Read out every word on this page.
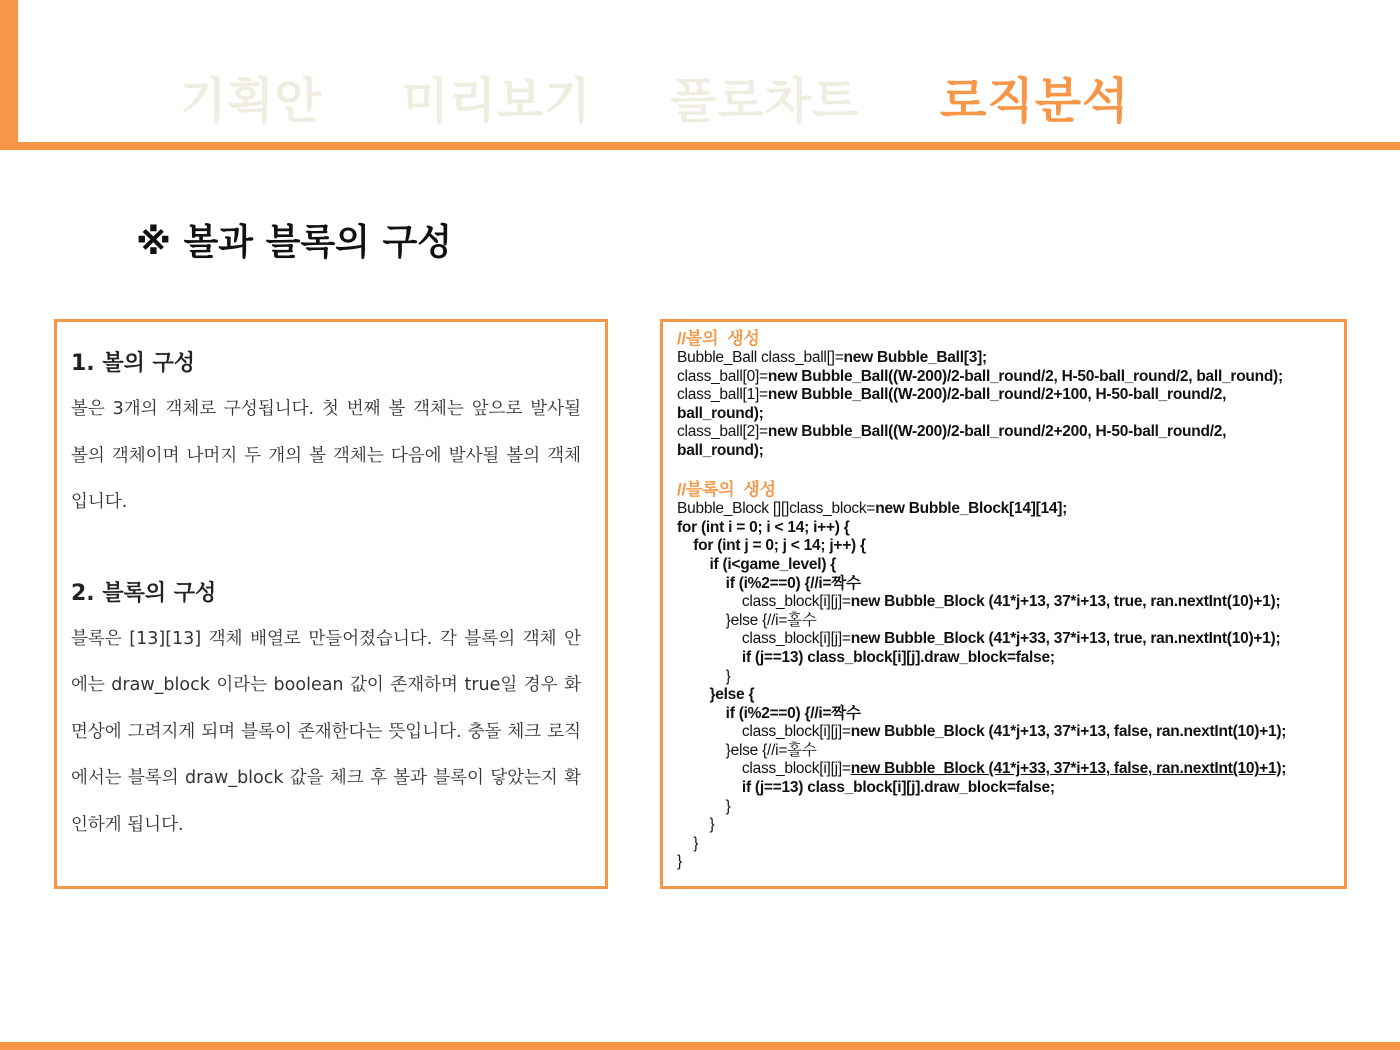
기획안 미리보기 플로차트 로직분석
※ 볼과 블록의 구성
1. 볼의 구성
볼은 3개의 객체로 구성됩니다. 첫 번째 볼 객체는 앞으로 발사될 볼의 객체이며 나머지 두 개의 볼 객체는 다음에 발사될 볼의 객체입니다.
2. 블록의 구성
블록은 [13][13] 객체 배열로 만들어졌습니다. 각 블록의 객체 안에는 draw_block 이라는 boolean 값이 존재하며 true일 경우 화면상에 그려지게 되며 블록이 존재한다는 뜻입니다. 충돌 체크 로직에서는 블록의 draw_block 값을 체크 후 볼과 블록이 닿았는지 확인하게 됩니다.
//볼의  생성
Bubble_Ball class_ball[]=new Bubble_Ball[3];
class_ball[0]=new Bubble_Ball((W-200)/2-ball_round/2, H-50-ball_round/2, ball_round);
class_ball[1]=new Bubble_Ball((W-200)/2-ball_round/2+100, H-50-ball_round/2,
ball_round);
class_ball[2]=new Bubble_Ball((W-200)/2-ball_round/2+200, H-50-ball_round/2,
ball_round);
//블록의  생성
Bubble_Block [][]class_block=new Bubble_Block[14][14];
for (int i = 0; i < 14; i++) {
for (int j = 0; j < 14; j++) {
if (i<game_level) {
if (i%2==0) {//i=짝수
class_block[i][j]=new Bubble_Block (41*j+13, 37*i+13, true, ran.nextInt(10)+1);
}else {//i=홀수
class_block[i][j]=new Bubble_Block (41*j+33, 37*i+13, true, ran.nextInt(10)+1);
if (j==13) class_block[i][j].draw_block=false;
}
}else {
if (i%2==0) {//i=짝수
class_block[i][j]=new Bubble_Block (41*j+13, 37*i+13, false, ran.nextInt(10)+1);
}else {//i=홀수
class_block[i][j]=new Bubble_Block (41*j+33, 37*i+13, false, ran.nextInt(10)+1);
if (j==13) class_block[i][j].draw_block=false;
}
}
}
}
